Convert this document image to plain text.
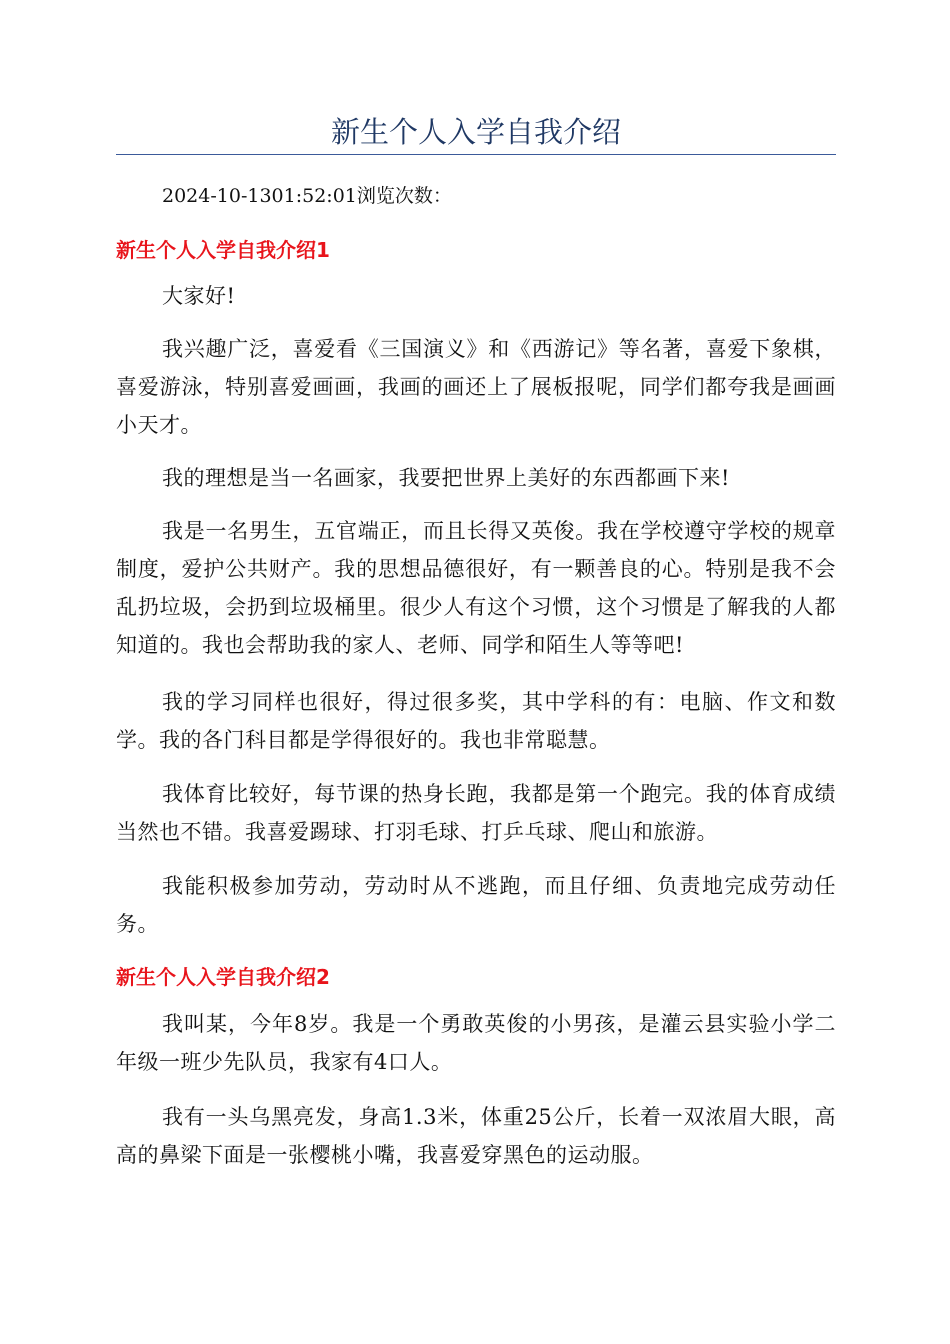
新生个人入学自我介绍

2024-10-1301:52:01浏览次数：

新生个人入学自我介绍1

大家好!

我兴趣广泛，喜爱看《三国演义》和《西游记》等名著，喜爱下象棋，喜爱游泳，特别喜爱画画，我画的画还上了展板报呢，同学们都夸我是画画小天才。

我的理想是当一名画家，我要把世界上美好的东西都画下来!

我是一名男生，五官端正，而且长得又英俊。我在学校遵守学校的规章制度，爱护公共财产。我的思想品德很好，有一颗善良的心。特别是我不会乱扔垃圾，会扔到垃圾桶里。很少人有这个习惯，这个习惯是了解我的人都知道的。我也会帮助我的家人、老师、同学和陌生人等等吧!

我的学习同样也很好，得过很多奖，其中学科的有：电脑、作文和数学。我的各门科目都是学得很好的。我也非常聪慧。

我体育比较好，每节课的热身长跑，我都是第一个跑完。我的体育成绩当然也不错。我喜爱踢球、打羽毛球、打乒乓球、爬山和旅游。

我能积极参加劳动，劳动时从不逃跑，而且仔细、负责地完成劳动任务。

新生个人入学自我介绍2

我叫某，今年8岁。我是一个勇敢英俊的小男孩，是灌云县实验小学二年级一班少先队员，我家有4口人。

我有一头乌黑亮发，身高1.3米，体重25公斤，长着一双浓眉大眼，高高的鼻梁下面是一张樱桃小嘴，我喜爱穿黑色的运动服。
